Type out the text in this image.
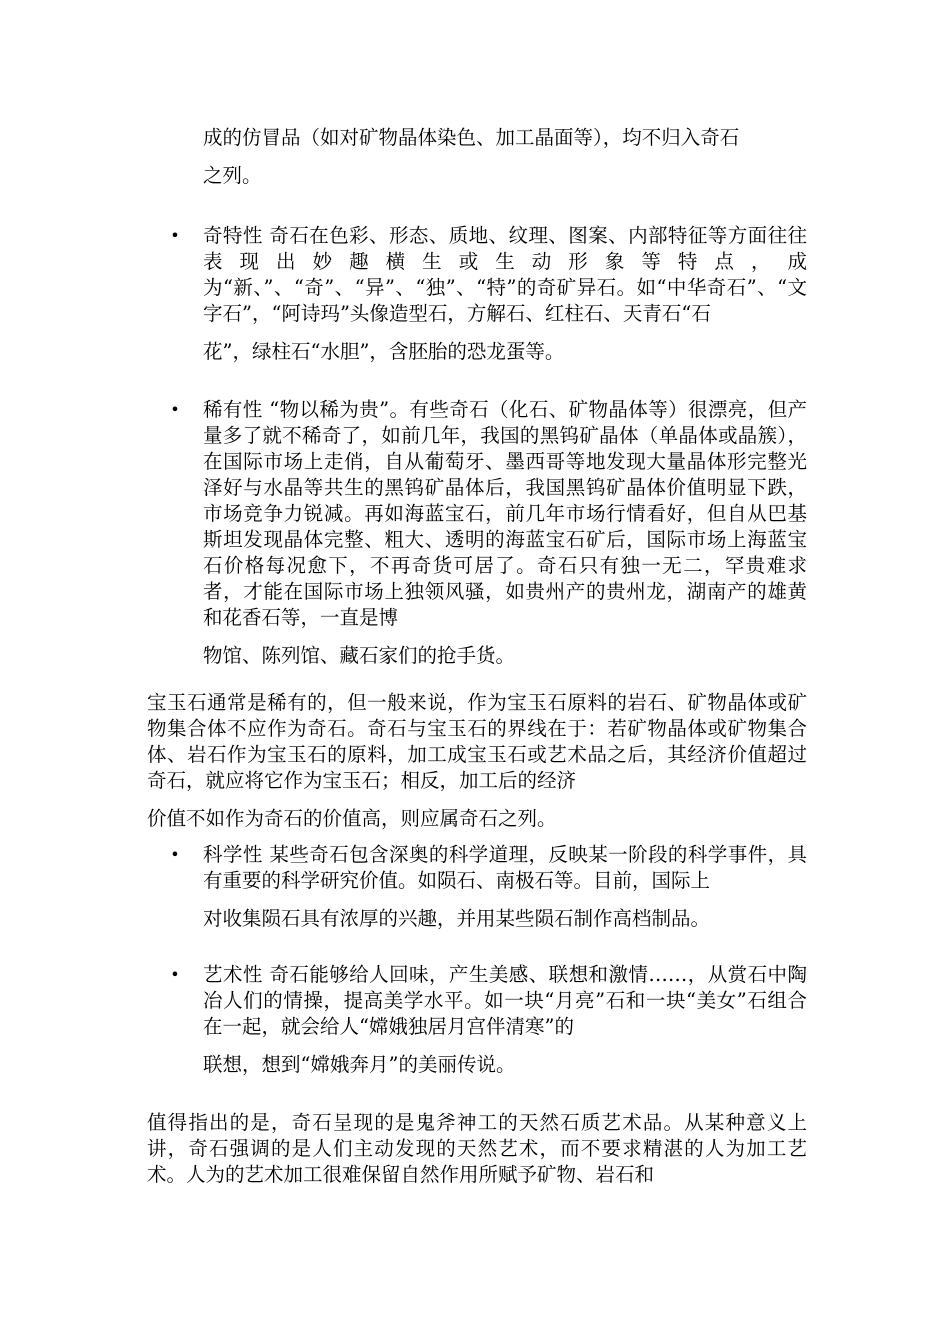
成的仿冒品（如对矿物晶体染色、加工晶面等），均不归入奇石
之列。

• 奇特性 奇石在色彩、形态、质地、纹理、图案、内部特征等方面往往表现出妙趣横生或生动形象等特点，成为“新、”、“奇”、“异”、“独”、“特”的奇矿异石。如“中华奇石”、“文字石”，“阿诗玛”头像造型石，方解石、红柱石、天青石“石
花”，绿柱石“水胆”，含胚胎的恐龙蛋等。

• 稀有性 “物以稀为贵”。有些奇石（化石、矿物晶体等）很漂亮，但产量多了就不稀奇了，如前几年，我国的黑钨矿晶体（单晶体或晶簇），在国际市场上走俏，自从葡萄牙、墨西哥等地发现大量晶体形完整光泽好与水晶等共生的黑钨矿晶体后，我国黑钨矿晶体价值明显下跌，市场竞争力锐减。再如海蓝宝石，前几年市场行情看好，但自从巴基斯坦发现晶体完整、粗大、透明的海蓝宝石矿后，国际市场上海蓝宝石价格每况愈下，不再奇货可居了。奇石只有独一无二，罕贵难求者，才能在国际市场上独领风骚，如贵州产的贵州龙，湖南产的雄黄和花香石等，一直是博
物馆、陈列馆、藏石家们的抢手货。

宝玉石通常是稀有的，但一般来说，作为宝玉石原料的岩石、矿物晶体或矿物集合体不应作为奇石。奇石与宝玉石的界线在于：若矿物晶体或矿物集合体、岩石作为宝玉石的原料，加工成宝玉石或艺术品之后，其经济价值超过奇石，就应将它作为宝玉石；相反，加工后的经济
价值不如作为奇石的价值高，则应属奇石之列。

• 科学性 某些奇石包含深奥的科学道理，反映某一阶段的科学事件，具有重要的科学研究价值。如陨石、南极石等。目前，国际上
对收集陨石具有浓厚的兴趣，并用某些陨石制作高档制品。

• 艺术性 奇石能够给人回味，产生美感、联想和激情……，从赏石中陶冶人们的情操，提高美学水平。如一块“月亮”石和一块“美女”石组合在一起，就会给人“嫦娥独居月宫伴清寒”的
联想，想到“嫦娥奔月”的美丽传说。

值得指出的是，奇石呈现的是鬼斧神工的天然石质艺术品。从某种意义上讲，奇石强调的是人们主动发现的天然艺术，而不要求精湛的人为加工艺术。人为的艺术加工很难保留自然作用所赋予矿物、岩石和
